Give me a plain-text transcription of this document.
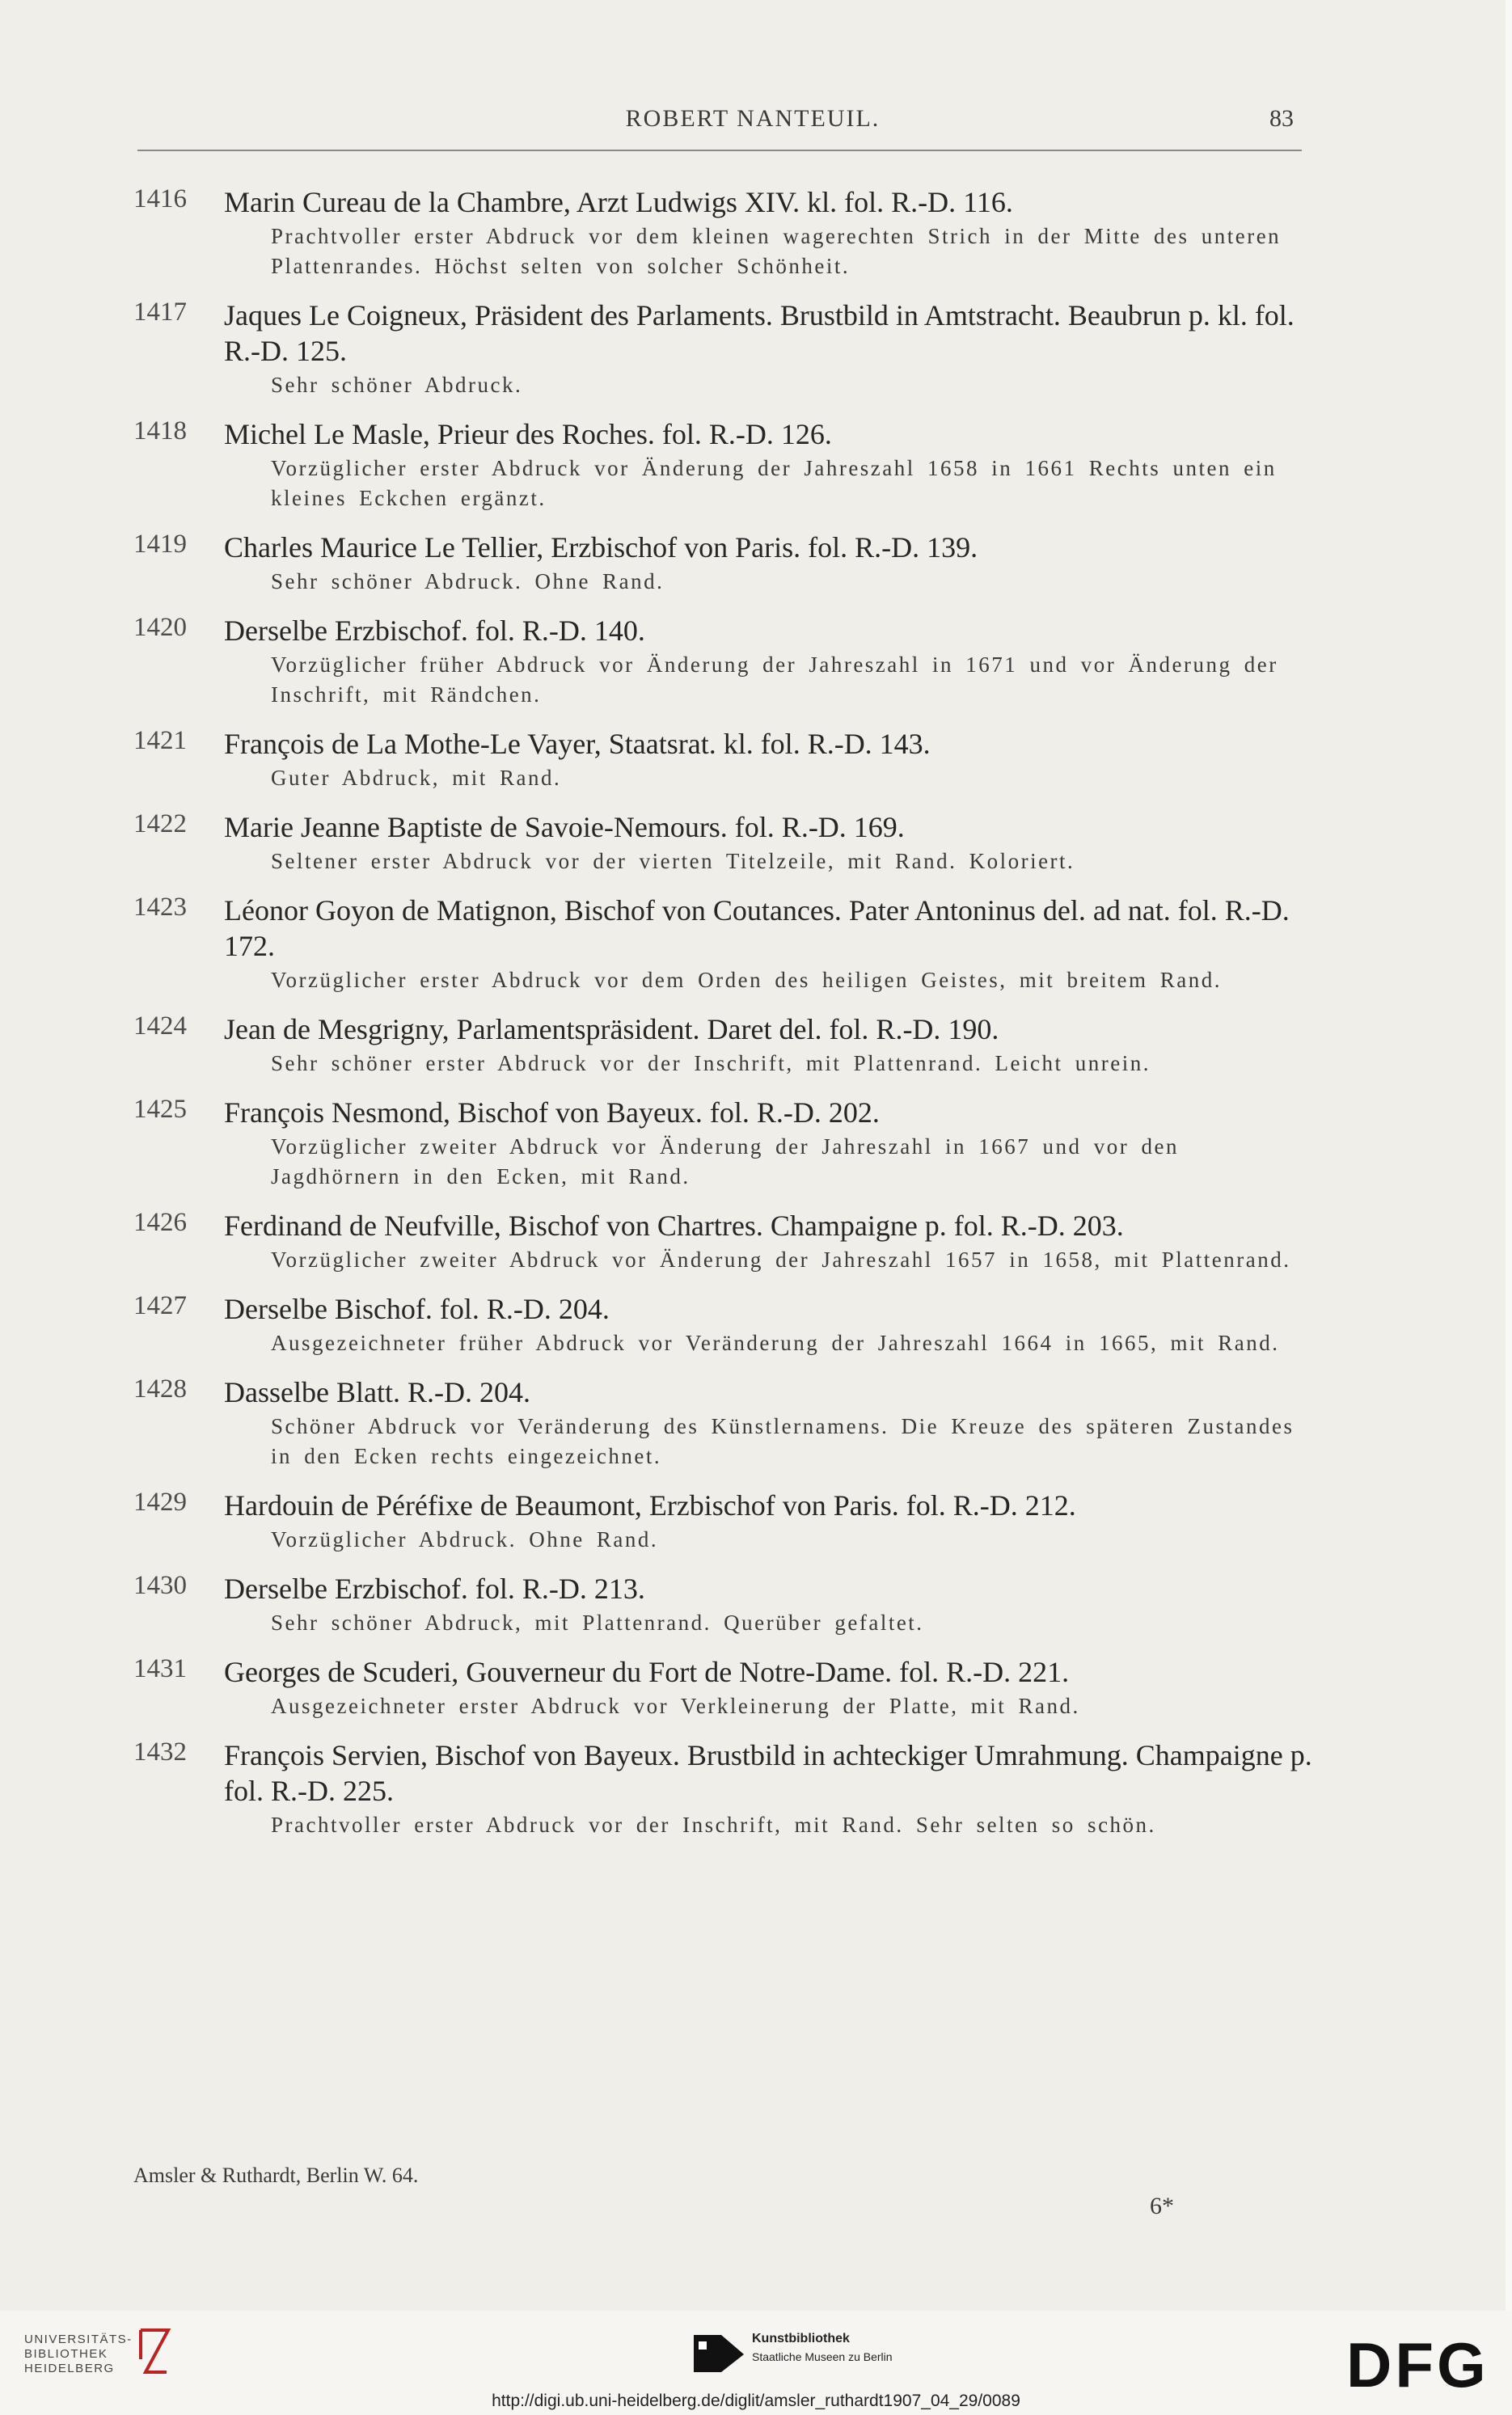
ROBERT NANTEUIL.	83
1416	Marin Cureau de la Chambre, Arzt Ludwigs XIV. kl. fol. R.-D. 116.
Prachtvoller erster Abdruck vor dem kleinen wagerechten Strich in der Mitte des unteren Plattenrandes. Höchst selten von solcher Schönheit.
1417	Jaques Le Coigneux, Präsident des Parlaments. Brustbild in Amtstracht. Beaubrun p. kl. fol. R.-D. 125.
Sehr schöner Abdruck.
1418	Michel Le Masle, Prieur des Roches. fol. R.-D. 126.
Vorzüglicher erster Abdruck vor Änderung der Jahreszahl 1658 in 1661 Rechts unten ein kleines Eckchen ergänzt.
1419	Charles Maurice Le Tellier, Erzbischof von Paris. fol. R.-D. 139.
Sehr schöner Abdruck. Ohne Rand.
1420	Derselbe Erzbischof. fol. R.-D. 140.
Vorzüglicher früher Abdruck vor Änderung der Jahreszahl in 1671 und vor Änderung der Inschrift, mit Rändchen.
1421	François de La Mothe-Le Vayer, Staatsrat. kl. fol. R.-D. 143.
Guter Abdruck, mit Rand.
1422	Marie Jeanne Baptiste de Savoie-Nemours. fol. R.-D. 169.
Seltener erster Abdruck vor der vierten Titelzeile, mit Rand. Koloriert.
1423	Léonor Goyon de Matignon, Bischof von Coutances. Pater Antoninus del. ad nat. fol. R.-D. 172.
Vorzüglicher erster Abdruck vor dem Orden des heiligen Geistes, mit breitem Rand.
1424	Jean de Mesgrigny, Parlamentspräsident. Daret del. fol. R.-D. 190.
Sehr schöner erster Abdruck vor der Inschrift, mit Plattenrand. Leicht unrein.
1425	François Nesmond, Bischof von Bayeux. fol. R.-D. 202.
Vorzüglicher zweiter Abdruck vor Änderung der Jahreszahl in 1667 und vor den Jagdhörnern in den Ecken, mit Rand.
1426	Ferdinand de Neufville, Bischof von Chartres. Champaigne p. fol. R.-D. 203.
Vorzüglicher zweiter Abdruck vor Änderung der Jahreszahl 1657 in 1658, mit Plattenrand.
1427	Derselbe Bischof. fol. R.-D. 204.
Ausgezeichneter früher Abdruck vor Veränderung der Jahreszahl 1664 in 1665, mit Rand.
1428	Dasselbe Blatt. R.-D. 204.
Schöner Abdruck vor Veränderung des Künstlernamens. Die Kreuze des späteren Zustandes in den Ecken rechts eingezeichnet.
1429	Hardouin de Péréfixe de Beaumont, Erzbischof von Paris. fol. R.-D. 212.
Vorzüglicher Abdruck. Ohne Rand.
1430	Derselbe Erzbischof. fol. R.-D. 213.
Sehr schöner Abdruck, mit Plattenrand. Querüber gefaltet.
1431	Georges de Scuderi, Gouverneur du Fort de Notre-Dame. fol. R.-D. 221.
Ausgezeichneter erster Abdruck vor Verkleinerung der Platte, mit Rand.
1432	François Servien, Bischof von Bayeux. Brustbild in achteckiger Umrahmung. Champaigne p. fol. R.-D. 225.
Prachtvoller erster Abdruck vor der Inschrift, mit Rand. Sehr selten so schön.
Amsler & Ruthardt, Berlin W. 64.
6*
UNIVERSITÄTS-
BIBLIOTHEK
HEIDELBERG
Kunstbibliothek
Staatliche Museen zu Berlin	DFG
http://digi.ub.uni-heidelberg.de/diglit/amsler_ruthardt1907_04_29/0089
